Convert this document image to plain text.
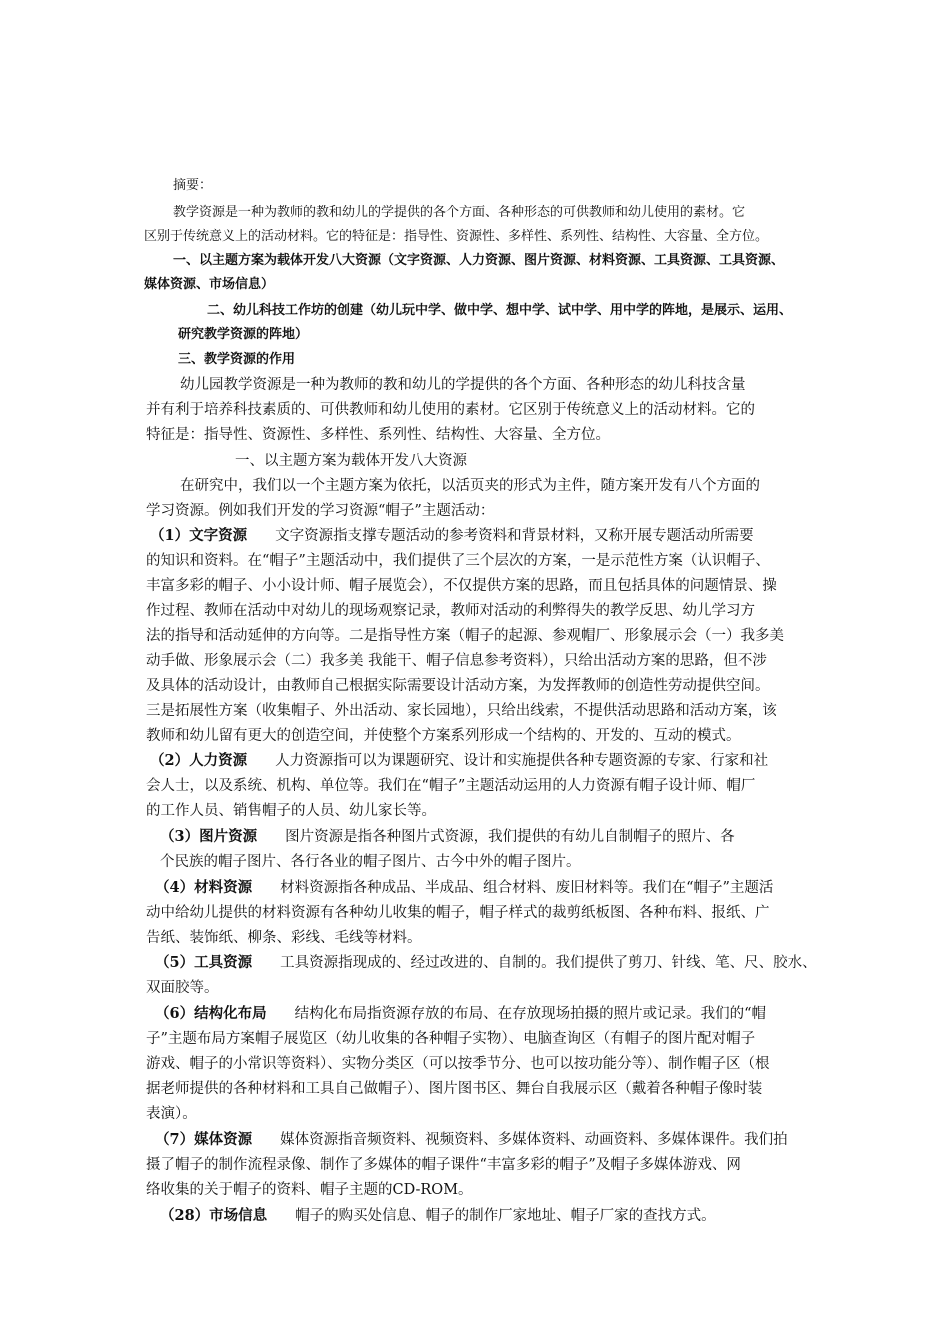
摘要：
教学资源是一种为教师的教和幼儿的学提供的各个方面、各种形态的可供教师和幼儿使用的素材。它
区别于传统意义上的活动材料。它的特征是：指导性、资源性、多样性、系列性、结构性、大容量、全方位。
一、以主题方案为载体开发八大资源（文字资源、人力资源、图片资源、材料资源、工具资源、工具资源、
媒体资源、市场信息）
二、幼儿科技工作坊的创建（幼儿玩中学、做中学、想中学、试中学、用中学的阵地，是展示、运用、
研究教学资源的阵地）
三、教学资源的作用
幼儿园教学资源是一种为教师的教和幼儿的学提供的各个方面、各种形态的幼儿科技含量
并有利于培养科技素质的、可供教师和幼儿使用的素材。它区别于传统意义上的活动材料。它的
特征是：指导性、资源性、多样性、系列性、结构性、大容量、全方位。
一、以主题方案为载体开发八大资源
在研究中，我们以一个主题方案为依托，以活页夹的形式为主件，随方案开发有八个方面的
学习资源。例如我们开发的学习资源“帽子”主题活动：
（1）文字资源 文字资源指支撑专题活动的参考资料和背景材料，又称开展专题活动所需要
的知识和资料。在“帽子”主题活动中，我们提供了三个层次的方案，一是示范性方案（认识帽子、
丰富多彩的帽子、小小设计师、帽子展览会），不仅提供方案的思路，而且包括具体的问题情景、操
作过程、教师在活动中对幼儿的现场观察记录，教师对活动的利弊得失的教学反思、幼儿学习方
法的指导和活动延伸的方向等。二是指导性方案（帽子的起源、参观帽厂、形象展示会（一）我多美
动手做、形象展示会（二）我多美 我能干、帽子信息参考资料），只给出活动方案的思路，但不涉
及具体的活动设计，由教师自己根据实际需要设计活动方案，为发挥教师的创造性劳动提供空间。
三是拓展性方案（收集帽子、外出活动、家长园地），只给出线索，不提供活动思路和活动方案，该
教师和幼儿留有更大的创造空间，并使整个方案系列形成一个结构的、开发的、互动的模式。
（2）人力资源 人力资源指可以为课题研究、设计和实施提供各种专题资源的专家、行家和社
会人士，以及系统、机构、单位等。我们在“帽子”主题活动运用的人力资源有帽子设计师、帽厂
的工作人员、销售帽子的人员、幼儿家长等。
（3）图片资源 图片资源是指各种图片式资源，我们提供的有幼儿自制帽子的照片、各
个民族的帽子图片、各行各业的帽子图片、古今中外的帽子图片。
（4）材料资源 材料资源指各种成品、半成品、组合材料、废旧材料等。我们在“帽子”主题活
动中给幼儿提供的材料资源有各种幼儿收集的帽子，帽子样式的裁剪纸板图、各种布料、报纸、广
告纸、装饰纸、柳条、彩线、毛线等材料。
（5）工具资源 工具资源指现成的、经过改进的、自制的。我们提供了剪刀、针线、笔、尺、胶水、
双面胶等。
（6）结构化布局 结构化布局指资源存放的布局、在存放现场拍摄的照片或记录。我们的“帽
子”主题布局方案帽子展览区（幼儿收集的各种帽子实物）、电脑查询区（有帽子的图片配对帽子
游戏、帽子的小常识等资料）、实物分类区（可以按季节分、也可以按功能分等）、制作帽子区（根
据老师提供的各种材料和工具自己做帽子）、图片图书区、舞台自我展示区（戴着各种帽子像时装
表演）。
（7）媒体资源 媒体资源指音频资料、视频资料、多媒体资料、动画资料、多媒体课件。我们拍
摄了帽子的制作流程录像、制作了多媒体的帽子课件“丰富多彩的帽子”及帽子多媒体游戏、网
络收集的关于帽子的资料、帽子主题的CD-ROM。
（28）市场信息 帽子的购买处信息、帽子的制作厂家地址、帽子厂家的查找方式。
